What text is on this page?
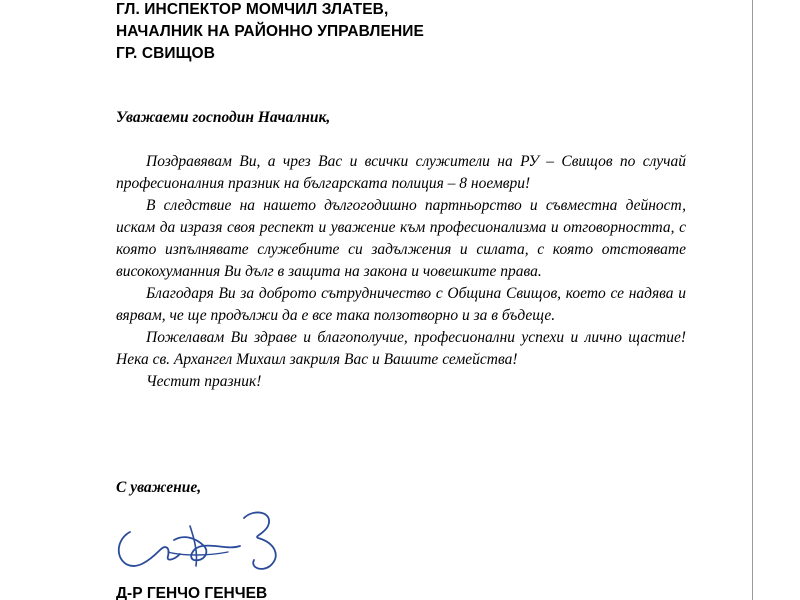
ГЛ. ИНСПЕКТОР МОМЧИЛ ЗЛАТЕВ,
НАЧАЛНИК НА РАЙОННО УПРАВЛЕНИЕ
ГР. СВИЩОВ
Уважаеми господин Началник,

Поздравявам Ви, а чрез Вас и всички служители на РУ – Свищов по случай професионалния празник на българската полиция – 8 ноември!

В следствие на нашето дългогодишно партньорство и съвместна дейност, искам да изразя своя респект и уважение към професионализма и отговорността, с която изпълнявате служебните си задължения и силата, с която отстоявате високохуманния Ви дълг в защита на закона и човешките права.

Благодаря Ви за доброто сътрудничество с Община Свищов, което се надява и вярвам, че ще продължи да е все така ползотворно и за в бъдеще.

Пожелавам Ви здраве и благополучие, професионални успехи и лично щастие! Нека св. Архангел Михаил закриля Вас и Вашите семейства!

Честит празник!

С уважение,
Д-Р ГЕНЧО ГЕНЧЕВ
